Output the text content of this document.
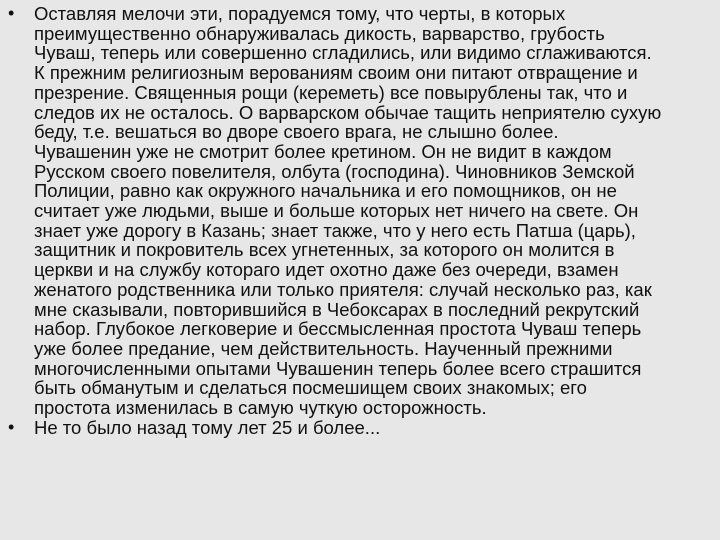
• Оставляя мелочи эти, порадуемся тому, что черты, в которых
преимущественно обнаруживалась дикость, варварство, грубость
Чуваш, теперь или совершенно сгладились, или видимо сглаживаются.
К прежним религиозным верованиям своим они питают отвращение и
презрение. Священныя рощи (кереметь) все повырублены так, что и
следов их не осталось. О варварском обычае тащить неприятелю сухую
беду, т.е. вешаться во дворе своего врага, не слышно более.
Чувашенин уже не смотрит более кретином. Он не видит в каждом
Русском своего повелителя, олбута (господина). Чиновников Земской
Полиции, равно как окружного начальника и его помощников, он не
считает уже людьми, выше и больше которых нет ничего на свете. Он
знает уже дорогу в Казань; знает также, что у него есть Патша (царь),
защитник и покровитель всех угнетенных, за которого он молится в
церкви и на службу котораго идет охотно даже без очереди, взамен
женатого родственника или только приятеля: случай несколько раз, как
мне сказывали, повторившийся в Чебоксарах в последний рекрутский
набор. Глубокое легковерие и бессмысленная простота Чуваш теперь
уже более предание, чем действительность. Наученный прежними
многочисленными опытами Чувашенин теперь более всего страшится
быть обманутым и сделаться посмешищем своих знакомых; его
простота изменилась в самую чуткую осторожность.
• Не то было назад тому лет 25 и более...
